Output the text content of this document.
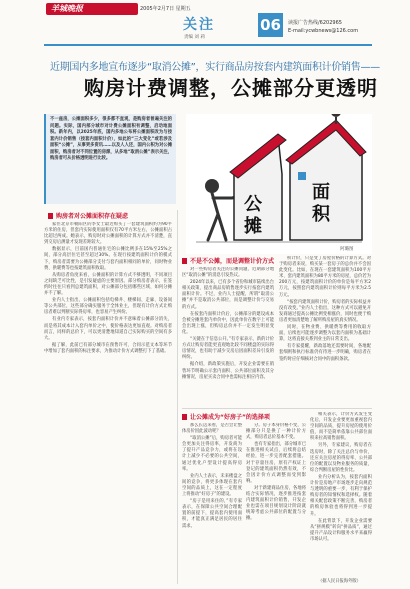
羊城晚报	2005年2月7日 星期五
关注
责编 刘 莉
06	读报广告热线/6202965
E-mail:ycwbnews@126.com
近期国内多地宣布逐步“取消公摊”，实行商品房按套内建筑面积计价销售——
购房计费调整，公摊部分更透明

不一座房，公摊面积多少，很多都不直观，是购房者普遍关注的问题。实际，国内部分城市对计费公摊面积有调整，启动地面积。新年内，以2025年底，国内多地公布将公摊面积改为与按套内计价销售（按套内面积计价），如此的“三大变化”或若涉及面积“公摊”，从事更多资讯……以及人人还，国内公积为对公摊面积，购房者对不同位置的房源，从多地“取消公摊”表示关注，购房者可从价格透明进行比较。

公
摊
面
积
阿璐图
购房者对公摊面积存在疑虑

家住北京市朝阳区的李女士最近购买了一套建筑面积约为90平方米的住房，但套内实际使用面积仅有70平方米左右，公摊面积占比超过两成。她表示，购房时对公摊面积的计算方式并不清楚，直到交房后测量才发现差距较大。

数据显示，目前国内普通住宅的公摊比例多在15%至25%之间，部分高层住宅甚至超过30%。在现行按建筑面积计价的模式下，购房者需要为公摊部分支付与套内面积相同的单价，同时物业费、供暖费等也按建筑面积收取。

从购房者角度来看，公摊面积的计算方式不够透明，不同项目之间缺乏可比性，是引发疑虑的主要原因。部分购房者表示，在签约时往往只看到总建筑面积，对公摊部分包括哪些区域、如何分摊并不了解。

业内人士指出，公摊面积包括电梯井、楼梯间、走廊、设备间等公共部位，这些部分确实服务于全体业主，但现有计价方式让购房者难以判断实际得房率，也容易产生纠纷。

有业内专家表示，按套内面积计价并不意味着公摊部分消失，而是将其成本计入套内单价之中，使价格表达更加直观。对购房者而言，同样的总价下，可以更清楚地知道自己实际购买的空间有多大。

据了解，此前已有部分城市在预售许可、合同示范文本等环节中增加了套内面积的标注要求，为推动计价方式调整打下了基础。

不是不公摊，而是调整计价方式

对一些购房者关注的公摊问题，近期部分地区“取消公摊”的消息引发热议。

2024年以来，已有多个省份和城市陆续出台相关政策，提出商品房销售逐步实行按套内建筑面积计价。不过，业内人士提醒，所谓“取消公摊”并不是取消公共部位，而是调整计价与交易的方式。

在按套内面积计价后，公摊部分的建设成本会被分摊进套内单价中，因此单价在数字上可能会出现上涨，但购房总价并不一定发生明显变化。

“关键在于信息公开。”有专家表示，新的计价方式让购房者能更直观地比较不同楼盘的实际得房情况，也有助于减少交房后因面积差异引发的纠纷。

据介绍，新政策实施后，开发企业需要在销售环节明确公示套内面积、公共部位面积及其分摊情况，房屋买卖合同中也需标注相应内容。

积计价，只是变了房屋价格的计算方式。对于购房者来说，购买某一套房子的总价并不会因此变化。比如，在现在一套建筑面积为100平方米、套内建筑面积为80平方米的房屋，总价若为200万元，按建筑面积计价的单价是每平方米2万元，按照套内建筑面积计价则每平方米为2.5万元。

“按套内建筑面积计价，购房者的实际权益并没有改变。”业内人士指出，这种方式可以避免开发商通过提高公摊比例变相涨价，同时也便于购房者更加清楚地了解所购房屋的真实情况。

同时，在物业费、供暖费等费用的收取方面，后续也可能逐步调整为以套内面积为基础计算，这将直接关系到业主的日常支出。

有专家提醒，新政落地还需要时间，各地配套细则和执行标准仍有待进一步明确，购房者在签约时应仔细核对合同中的面积条款。

让公摊成为“好房子”的选择项

那么长远来看，是否会让整体房价因此波动呢？

“取消公摊”后，购房者可能会更加关注得房率，开发商为了提升产品竞争力，或将在设计上减少不必要的公共空间，通过优化户型设计提高得房率。

业内人士表示，未来楼盘之间的竞争，将更多体现在套内空间的品质上，这在一定程度上将推动“好房子”的建设。

“房子是用来住的，”有专家表示，在保障公共空间合理配置的前提下，提高套内使用面积，才能真正满足居民的居住需求。

分。房子本身价格不变，公摊部分只是换了一种计价方式，购房者总价基本不变。

也有专家指出，部分城市已在推进相关试点，后续将总结经验，进一步完善配套措施。对于存量住房，原有产权证上登记的建筑面积仍然有效，不会因计价方式调整而受到影响。

对于新建商品住房，各地将结合实际情况，逐步推进按套内建筑面积计价销售，开发企业也需在项目规划设计阶段就统筹考虑公共部位的配置与分摊。

相关表示，计价方式发生变化后，开发企业要更加重视套内空间的品质，提升房屋的使用价值，而不是简单依靠公共部位面积来拉高销售面积。

另外，专家建议，购房者在选房时，除了关注总价与单价，还应关注房屋的得房率、公共部位的配置以及物业服务的质量，综合判断房屋的性价比。

业内分析认为，按套内面积计价是房地产市场逐步走向规范与透明的重要一步，有利于保护购房者的知情权和选择权。随着相关配套政策不断完善，购房者的购房体验也将得到进一步提升。

在此背景下，开发企业需要从“拼规模”转向“拼品质”，通过提升产品设计和服务水平来赢得市场认可。

（据人民日报海外版）
